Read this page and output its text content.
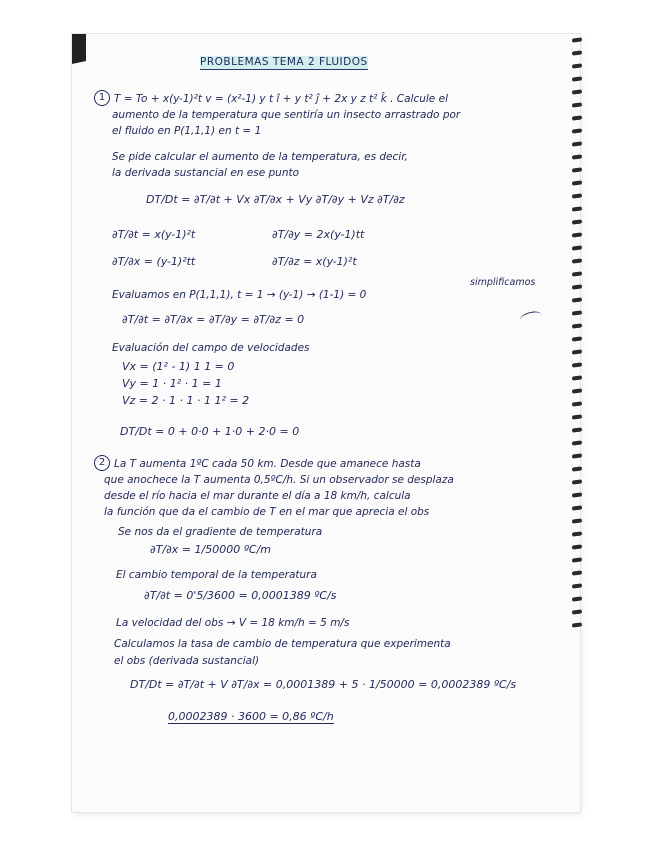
PROBLEMAS TEMA 2 FLUIDOS

1 T = To + x(y-1)²t v = (x²-1) y t î + y t² ĵ + 2x y z t² k̂ . Calcule el

aumento de la temperatura que sentiría un insecto arrastrado por

el fluido en P(1,1,1) en t = 1

Se pide calcular el aumento de la temperatura, es decir,

la derivada sustancial en ese punto

DT/Dt = ∂T/∂t + Vx ∂T/∂x + Vy ∂T/∂y + Vz ∂T/∂z

∂T/∂t = x(y-1)²t

∂T/∂x = (y-1)²tt

∂T/∂y = 2x(y-1)tt

∂T/∂z = x(y-1)²t

Evaluamos en P(1,1,1), t = 1 → (y-1) → (1-1) = 0

simplificamos

∂T/∂t = ∂T/∂x = ∂T/∂y = ∂T/∂z = 0

Evaluación del campo de velocidades

Vx = (1² - 1) 1 1 = 0

Vy = 1 · 1² · 1 = 1

Vz = 2 · 1 · 1 · 1 1² = 2

DT/Dt = 0 + 0·0 + 1·0 + 2·0 = 0

2 La T aumenta 1ºC cada 50 km. Desde que amanece hasta

que anochece la T aumenta 0,5ºC/h. Si un observador se desplaza

desde el río hacia el mar durante el día a 18 km/h, calcula

la función que da el cambio de T en el mar que aprecia el obs

Se nos da el gradiente de temperatura

∂T/∂x = 1/50000 ºC/m

El cambio temporal de la temperatura

∂T/∂t = 0'5/3600 = 0,0001389 ºC/s

La velocidad del obs → V = 18 km/h = 5 m/s

Calculamos la tasa de cambio de temperatura que experimenta

el obs (derivada sustancial)

DT/Dt = ∂T/∂t + V ∂T/∂x = 0,0001389 + 5 · 1/50000 = 0,0002389 ºC/s

0,0002389 · 3600 = 0,86 ºC/h
